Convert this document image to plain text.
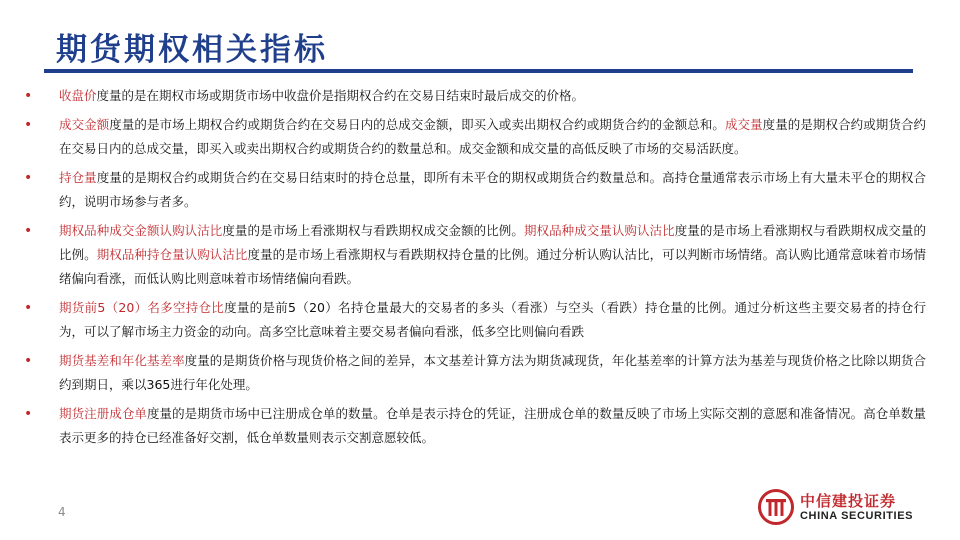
期货期权相关指标
• 收盘价度量的是在期权市场或期货市场中收盘价是指期权合约在交易日结束时最后成交的价格。
• 成交金额度量的是市场上期权合约或期货合约在交易日内的总成交金额，即买入或卖出期权合约或期货合约的金额总和。成交量度量的是期权合约或期货合约在交易日内的总成交量，即买入或卖出期权合约或期货合约的数量总和。成交金额和成交量的高低反映了市场的交易活跃度。
• 持仓量度量的是期权合约或期货合约在交易日结束时的持仓总量，即所有未平仓的期权或期货合约数量总和。高持仓量通常表示市场上有大量未平仓的期权合约，说明市场参与者多。
• 期权品种成交金额认购认沽比度量的是市场上看涨期权与看跌期权成交金额的比例。期权品种成交量认购认沽比度量的是市场上看涨期权与看跌期权成交量的比例。期权品种持仓量认购认沽比度量的是市场上看涨期权与看跌期权持仓量的比例。通过分析认购认沽比，可以判断市场情绪。高认购比通常意味着市场情绪偏向看涨，而低认购比则意味着市场情绪偏向看跌。
• 期货前5（20）名多空持仓比度量的是前5（20）名持仓量最大的交易者的多头（看涨）与空头（看跌）持仓量的比例。通过分析这些主要交易者的持仓行为，可以了解市场主力资金的动向。高多空比意味着主要交易者偏向看涨，低多空比则偏向看跌
• 期货基差和年化基差率度量的是期货价格与现货价格之间的差异，本文基差计算方法为期货减现货，年化基差率的计算方法为基差与现货价格之比除以期货合约到期日，乘以365进行年化处理。
• 期货注册成仓单度量的是期货市场中已注册成仓单的数量。仓单是表示持仓的凭证，注册成仓单的数量反映了市场上实际交割的意愿和准备情况。高仓单数量表示更多的持仓已经准备好交割，低仓单数量则表示交割意愿较低。
4
中信建投证券
CHINA SECURITIES
